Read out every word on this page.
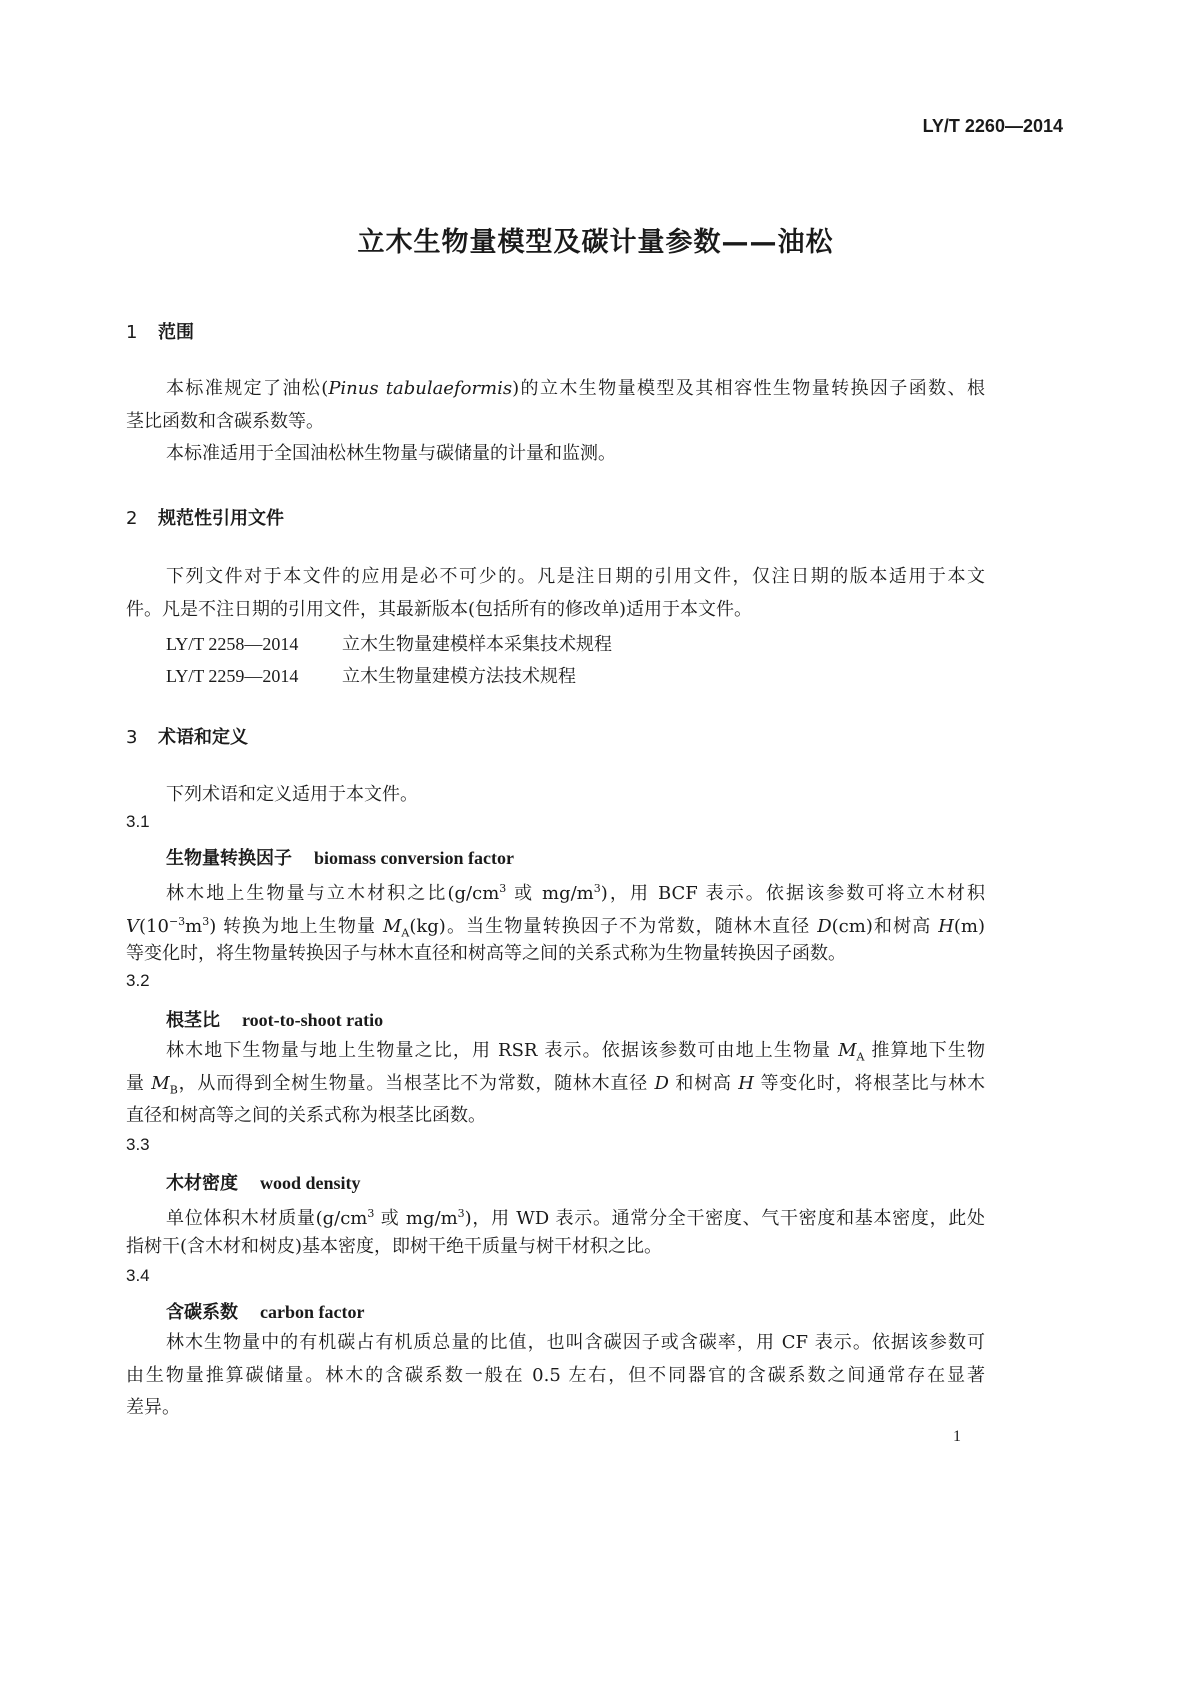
LY/T 2260—2014
立木生物量模型及碳计量参数——油松
1 范围
本标准规定了油松(Pinus tabulaeformis)的立木生物量模型及其相容性生物量转换因子函数、根
茎比函数和含碳系数等。
本标准适用于全国油松林生物量与碳储量的计量和监测。
2 规范性引用文件
下列文件对于本文件的应用是必不可少的。凡是注日期的引用文件，仅注日期的版本适用于本文
件。凡是不注日期的引用文件，其最新版本(包括所有的修改单)适用于本文件。
LY/T 2258—2014 立木生物量建模样本采集技术规程
LY/T 2259—2014 立木生物量建模方法技术规程
3 术语和定义
下列术语和定义适用于本文件。
3.1
生物量转换因子 biomass conversion factor
林木地上生物量与立木材积之比($g/cm^3$ 或 $mg/m^3$)，用 BCF 表示。依据该参数可将立木材积
$V(10^{-3}m^3)$ 转换为地上生物量 $M_A(kg)$。当生物量转换因子不为常数，随林木直径 D(cm)和树高 H(m)
等变化时，将生物量转换因子与林木直径和树高等之间的关系式称为生物量转换因子函数。
3.2
根茎比 root-to-shoot ratio
林木地下生物量与地上生物量之比，用 RSR 表示。依据该参数可由地上生物量 $M_A$ 推算地下生物
量 $M_B$，从而得到全树生物量。当根茎比不为常数，随林木直径 D 和树高 H 等变化时，将根茎比与林木
直径和树高等之间的关系式称为根茎比函数。
3.3
木材密度 wood density
单位体积木材质量($g/cm^3$ 或 $mg/m^3$)，用 WD 表示。通常分全干密度、气干密度和基本密度，此处
指树干(含木材和树皮)基本密度，即树干绝干质量与树干材积之比。
3.4
含碳系数 carbon factor
林木生物量中的有机碳占有机质总量的比值，也叫含碳因子或含碳率，用 CF 表示。依据该参数可
由生物量推算碳储量。林木的含碳系数一般在 0.5 左右，但不同器官的含碳系数之间通常存在显著
差异。
1
